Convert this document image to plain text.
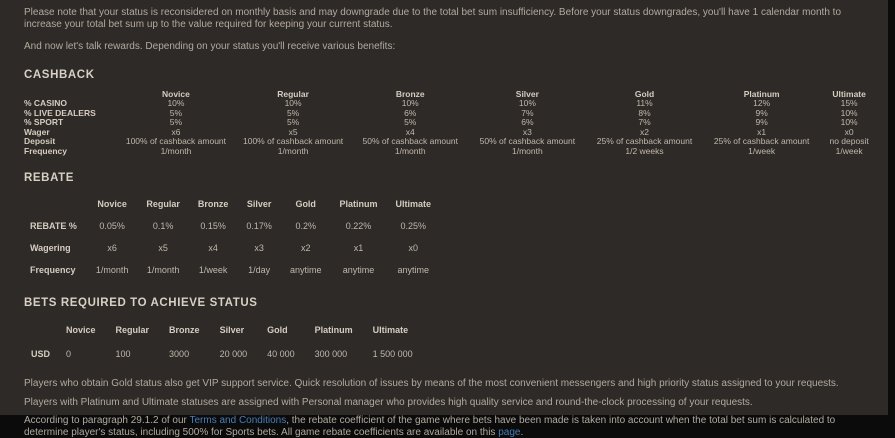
Please note that your status is reconsidered on monthly basis and may downgrade due to the total bet sum insufficiency. Before your status downgrades, you'll have 1 calendar month to increase your total bet sum up to the value required for keeping your current status.

And now let's talk rewards. Depending on your status you'll receive various benefits:

CASHBACK
	Novice	Regular	Bronze	Silver	Gold	Platinum	Ultimate
% CASINO	10%	10%	10%	10%	11%	12%	15%
% LIVE DEALERS	5%	5%	6%	7%	8%	9%	10%
% SPORT	5%	5%	5%	6%	7%	9%	10%
Wager	x6	x5	x4	x3	x2	x1	x0
Deposit	100% of cashback amount	100% of cashback amount	50% of cashback amount	50% of cashback amount	25% of cashback amount	25% of cashback amount	no deposit
Frequency	1/month	1/month	1/month	1/month	1/2 weeks	1/week	1/week
REBATE
	Novice	Regular	Bronze	Silver	Gold	Platinum	Ultimate
REBATE %	0.05%	0.1%	0.15%	0.17%	0.2%	0.22%	0.25%
Wagering	x6	x5	x4	x3	x2	x1	x0
Frequency	1/month	1/month	1/week	1/day	anytime	anytime	anytime
BETS REQUIRED TO ACHIEVE STATUS
	Novice	Regular	Bronze	Silver	Gold	Platinum	Ultimate
USD	0	100	3000	20 000	40 000	300 000	1 500 000

Players who obtain Gold status also get VIP support service. Quick resolution of issues by means of the most convenient messengers and high priority status assigned to your requests.

Players with Platinum and Ultimate statuses are assigned with Personal manager who provides high quality service and round-the-clock processing of your requests.

According to paragraph 29.1.2 of our Terms and Conditions, the rebate coefficient of the game where bets have been made is taken into account when the total bet sum is calculated to determine player's status, including 500% for Sports bets. All game rebate coefficients are available on this page.
